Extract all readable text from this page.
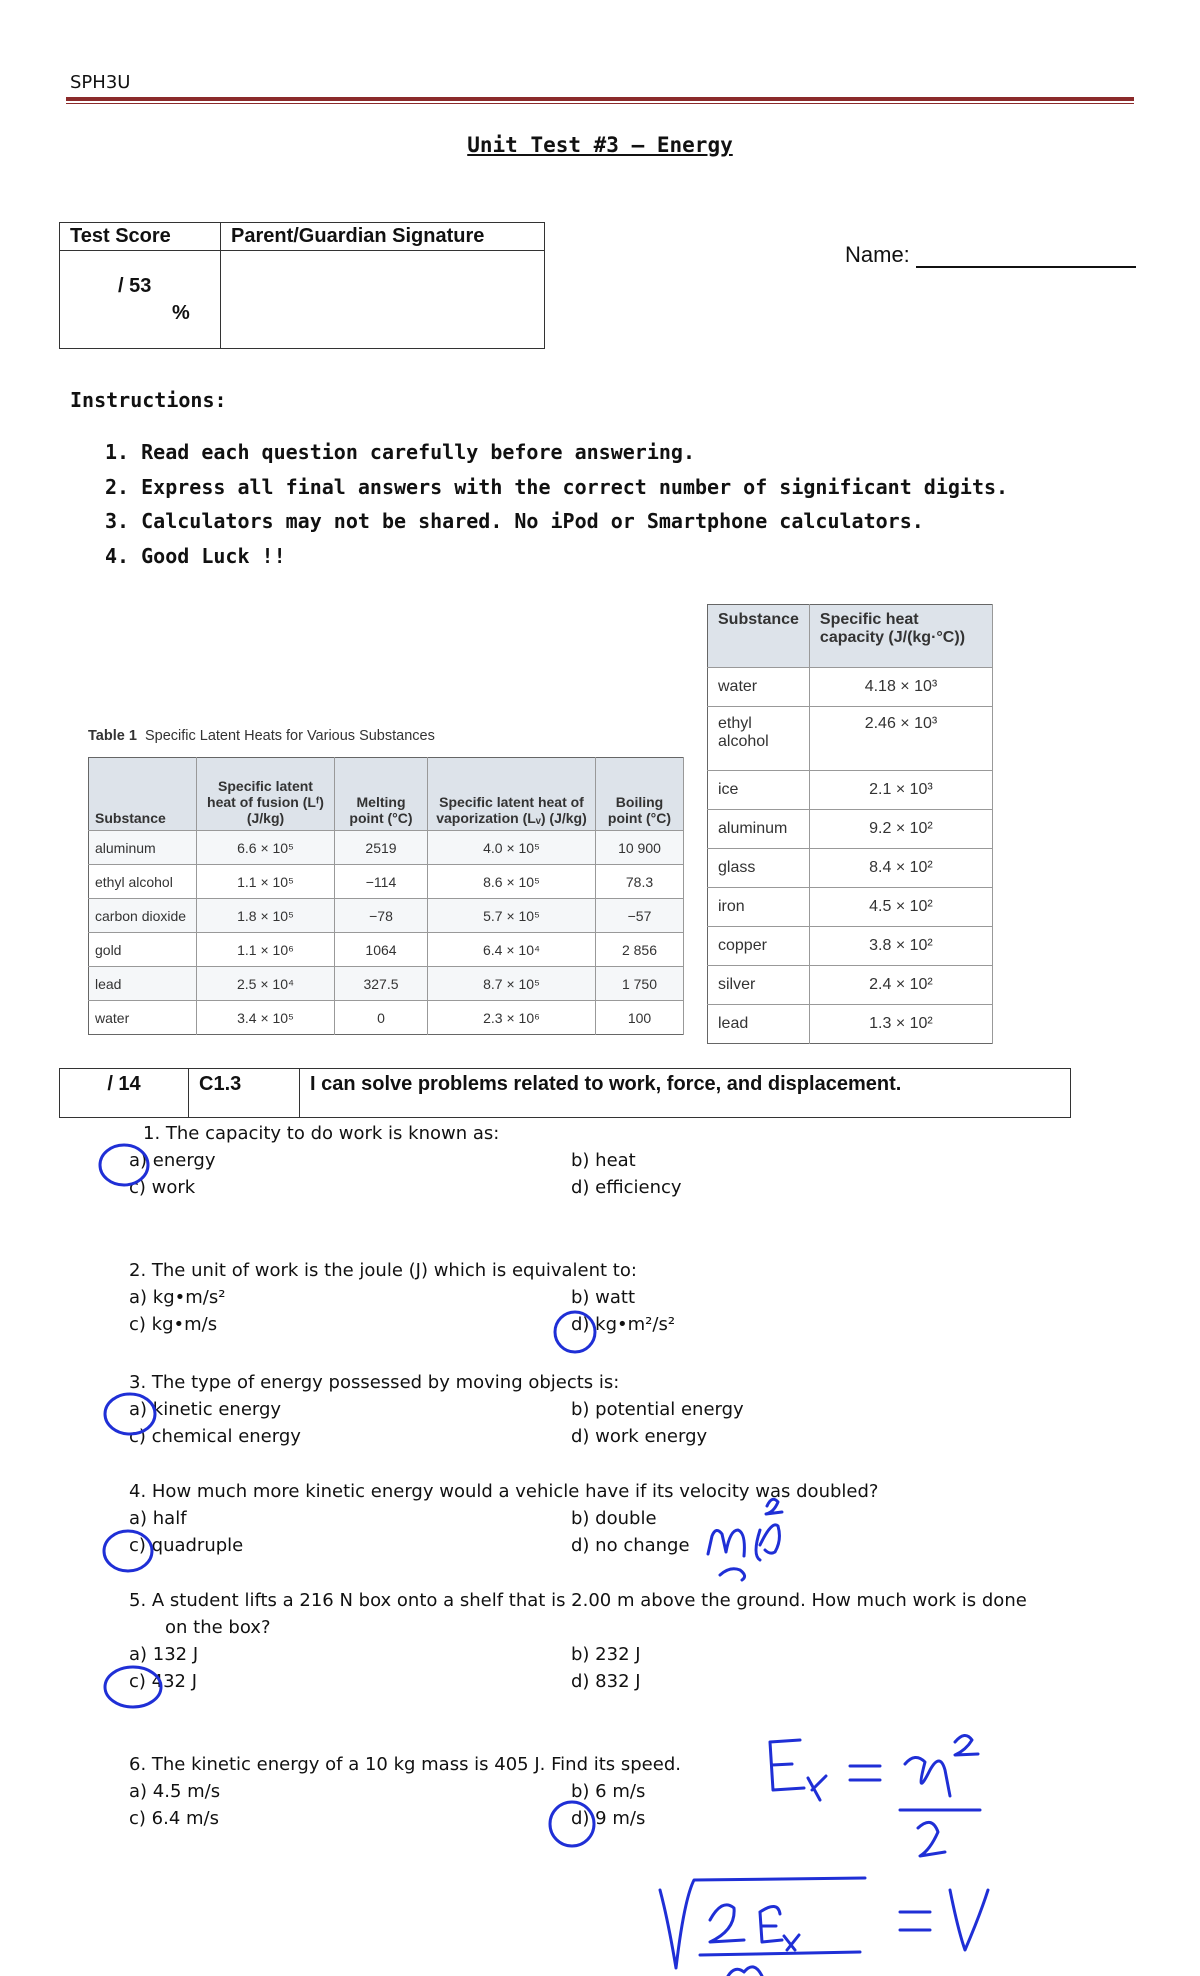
SPH3U
Unit Test #3 – Energy
Test Score	Parent/Guardian Signature

/ 53
%	

Name:
Instructions:
1. Read each question carefully before answering.
2. Express all final answers with the correct number of significant digits.
3. Calculators may not be shared. No iPod or Smartphone calculators.
4. Good Luck !!
Substance	Specific heat capacity (J/(kg·°C))
water	4.18 × 10³
ethyl alcohol	2.46 × 10³
ice	2.1 × 10³
aluminum	9.2 × 10²
glass	8.4 × 10²
iron	4.5 × 10²
copper	3.8 × 10²
silver	2.4 × 10²
lead	1.3 × 10²
Table 1 Specific Latent Heats for Various Substances
Substance	Specific latent heat of fusion (Lᶠ) (J/kg)	Melting point (°C)	Specific latent heat of vaporization (Lᵥ) (J/kg)	Boiling point (°C)
aluminum	6.6 × 10⁵	2519	4.0 × 10⁵	10 900
ethyl alcohol	1.1 × 10⁵	−114	8.6 × 10⁵	78.3
carbon dioxide	1.8 × 10⁵	−78	5.7 × 10⁵	−57
gold	1.1 × 10⁶	1064	6.4 × 10⁴	2 856
lead	2.5 × 10⁴	327.5	8.7 × 10⁵	1 750
water	3.4 × 10⁵	0	2.3 × 10⁶	100
/ 14	C1.3	I can solve problems related to work, force, and displacement.
1. The capacity to do work is known as:
a) energy	b) heat
c) work	d) efficiency
2. The unit of work is the joule (J) which is equivalent to:
a) kg•m/s²	b) watt
c) kg•m/s	d) kg•m²/s²
3. The type of energy possessed by moving objects is:
a) kinetic energy	b) potential energy
c) chemical energy	d) work energy
4. How much more kinetic energy would a vehicle have if its velocity was doubled?
a) half	b) double
c) quadruple	d) no change
5. A student lifts a 216 N box onto a shelf that is 2.00 m above the ground. How much work is done
on the box?
a) 132 J	b) 232 J
c) 432 J	d) 832 J
6. The kinetic energy of a 10 kg mass is 405 J. Find its speed.
a) 4.5 m/s	b) 6 m/s
c) 6.4 m/s	d) 9 m/s
